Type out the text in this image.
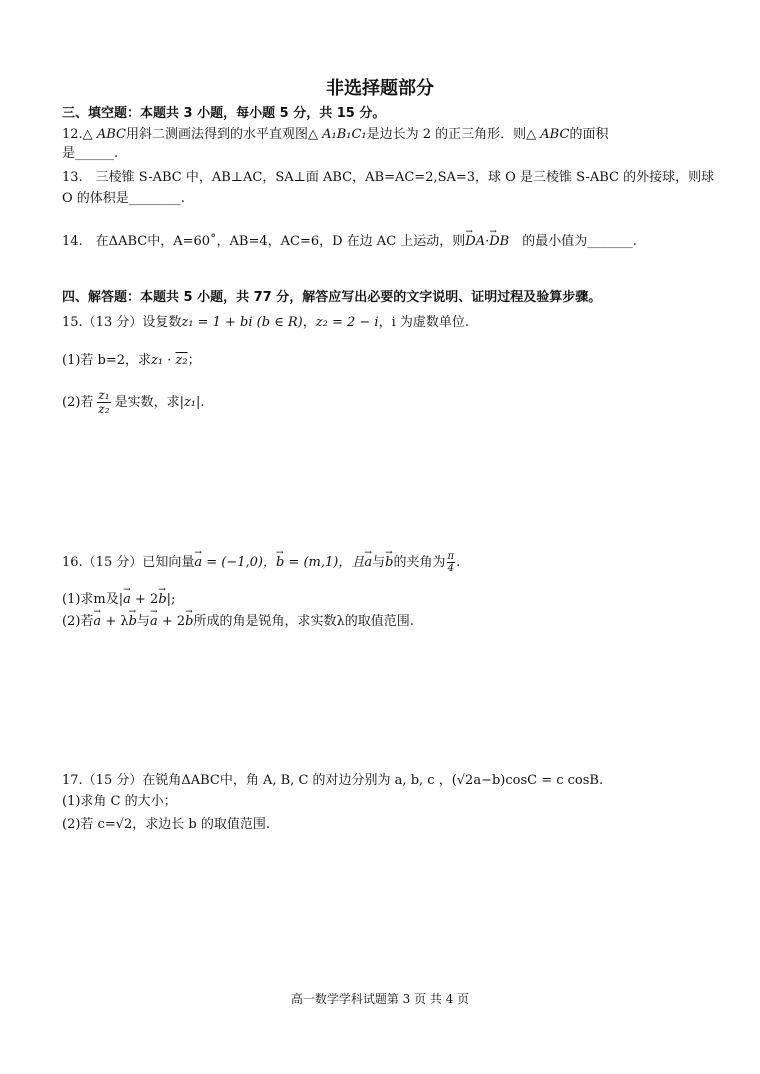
非选择题部分
三、填空题：本题共 3 小题，每小题 5 分，共 15 分。
12.△ ABC用斜二测画法得到的水平直观图△ A₁B₁C₁是边长为 2 的正三角形．则△ ABC的面积
是______.
13.　三棱锥 S-ABC 中，AB⊥AC，SA⊥面 ABC，AB=AC=2,SA=3，球 O 是三棱锥 S-ABC 的外接球，则球
O 的体积是________.
14.　在ΔABC中，A=60˚，AB=4，AC=6，D 在边 AC 上运动，则→ DA·→ DB　的最小值为_______.
四、解答题：本题共 5 小题，共 77 分，解答应写出必要的文字说明、证明过程及验算步骤。
15.（13 分）设复数z₁ = 1 + bi (b ∈ R)，z₂ = 2 − i，i 为虚数单位.
(1)若 b=2，求z₁ · z₂；
(2)若 $\frac{\text{z₁}}{\text{z₂}}$ 是实数，求|z₁|.
16.（15 分）已知向量→ a = (−1,0)，→ b = (m,1)，且→ a与→ b的夹角为 $\frac{\pi}{4}$ .
(1)求m及|→ a + 2→ b|;
(2)若→ a + λ→ b与→ a + 2→ b所成的角是锐角，求实数λ的取值范围.
17.（15 分）在锐角ΔABC中，角 A, B, C 的对边分别为 a, b, c ，(√2a−b)cosC = c cosB.
(1)求角 C 的大小；
(2)若 c=√2，求边长 b 的取值范围.
高一数学学科试题第 3 页 共 4 页
